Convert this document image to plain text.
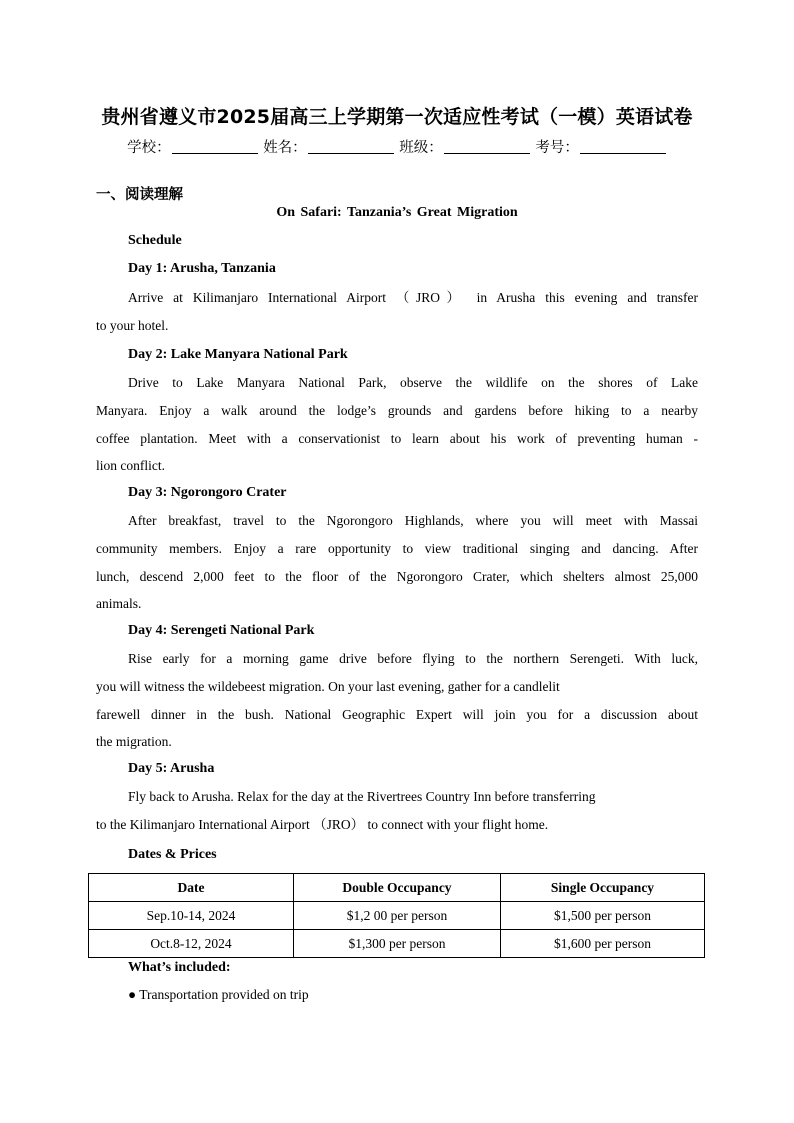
贵州省遵义市2025届高三上学期第一次适应性考试（一模）英语试卷
学校：	姓名：	班级：	考号：
一、阅读理解
On Safari: Tanzania’s Great Migration
Schedule
Day 1: Arusha, Tanzania
Arrive at Kilimanjaro International Airport （JRO） in Arusha this evening and transfer
to your hotel.
Day 2: Lake Manyara National Park
Drive to Lake Manyara National Park, observe the wildlife on the shores of Lake
Manyara. Enjoy a walk around the lodge’s grounds and gardens before hiking to a nearby
coffee plantation. Meet with a conservationist to learn about his work of preventing human -
lion conflict.
Day 3: Ngorongoro Crater
After breakfast, travel to the Ngorongoro Highlands, where you will meet with Massai
community members. Enjoy a rare opportunity to view traditional singing and dancing. After
lunch, descend 2,000 feet to the floor of the Ngorongoro Crater, which shelters almost 25,000
animals.
Day 4: Serengeti National Park
Rise early for a morning game drive before flying to the northern Serengeti. With luck,
you will witness the wildebeest migration. On your last evening, gather for a candlelit
farewell dinner in the bush. National Geographic Expert will join you for a discussion about
the migration.
Day 5: Arusha
Fly back to Arusha. Relax for the day at the Rivertrees Country Inn before transferring
to the Kilimanjaro International Airport （JRO） to connect with your flight home.
Dates & Prices
Date	Double Occupancy	Single Occupancy
Sep.10-14, 2024	$1,2 00 per person	$1,500 per person
Oct.8-12, 2024	$1,300 per person	$1,600 per person
What’s included:
● Transportation provided on trip
